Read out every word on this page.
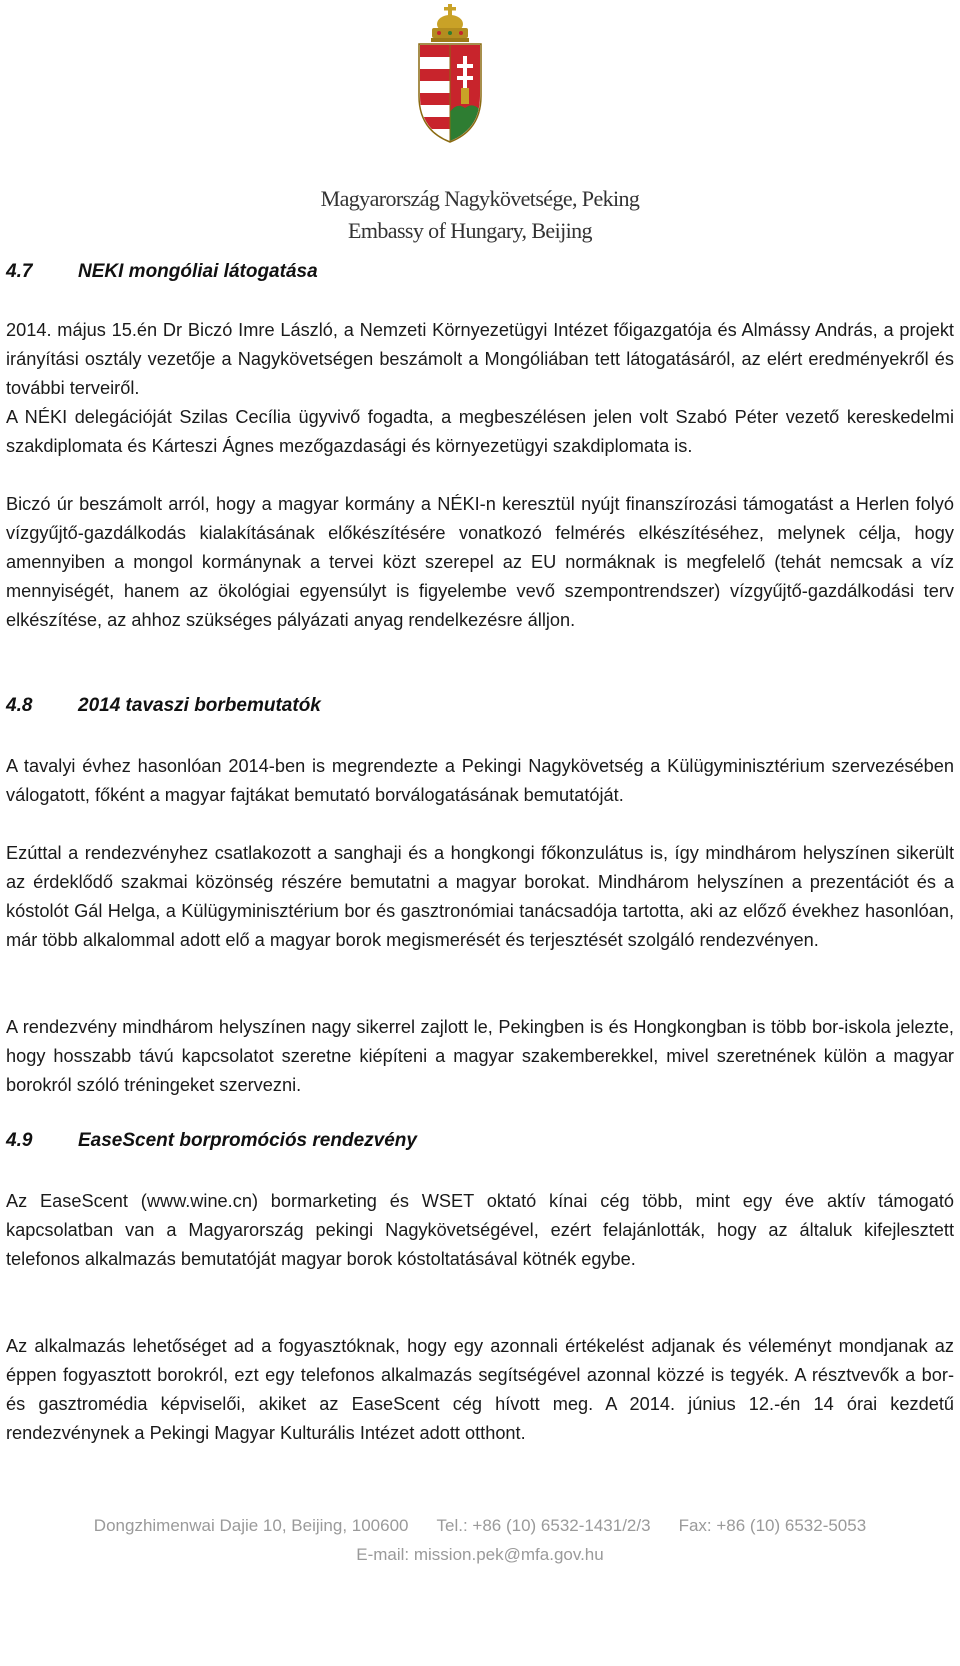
Magyarország Nagykövetsége, Peking
Embassy of Hungary, Beijing
4.7 NEKI mongóliai látogatása
2014. május 15.én Dr Biczó Imre László, a Nemzeti Környezetügyi Intézet főigazgatója és Almássy András, a projekt irányítási osztály vezetője a Nagykövetségen beszámolt a Mongóliában tett látogatásáról, az elért eredményekről és további terveiről.
A NÉKI delegációját Szilas Cecília ügyvivő fogadta, a megbeszélésen jelen volt Szabó Péter vezető kereskedelmi szakdiplomata és Kárteszi Ágnes mezőgazdasági és környezetügyi szakdiplomata is.
Biczó úr beszámolt arról, hogy a magyar kormány a NÉKI-n keresztül nyújt finanszírozási támogatást a Herlen folyó vízgyűjtő-gazdálkodás kialakításának előkészítésére vonatkozó felmérés elkészítéséhez, melynek célja, hogy amennyiben a mongol kormánynak a tervei közt szerepel az EU normáknak is megfelelő (tehát nemcsak a víz mennyiségét, hanem az ökológiai egyensúlyt is figyelembe vevő szempontrendszer) vízgyűjtő-gazdálkodási terv elkészítése, az ahhoz szükséges pályázati anyag rendelkezésre álljon.
4.8 2014 tavaszi borbemutatók
A tavalyi évhez hasonlóan 2014-ben is megrendezte a Pekingi Nagykövetség a Külügyminisztérium szervezésében válogatott, főként a magyar fajtákat bemutató borválogatásának bemutatóját.
Ezúttal a rendezvényhez csatlakozott a sanghaji és a hongkongi főkonzulátus is, így mindhárom helyszínen sikerült az érdeklődő szakmai közönség részére bemutatni a magyar borokat. Mindhárom helyszínen a prezentációt és a kóstolót Gál Helga, a Külügyminisztérium bor és gasztronómiai tanácsadója tartotta, aki az előző évekhez hasonlóan, már több alkalommal adott elő a magyar borok megismerését és terjesztését szolgáló rendezvényen.
A rendezvény mindhárom helyszínen nagy sikerrel zajlott le, Pekingben is és Hongkongban is több bor-iskola jelezte, hogy hosszabb távú kapcsolatot szeretne kiépíteni a magyar szakemberekkel, mivel szeretnének külön a magyar borokról szóló tréningeket szervezni.
4.9 EaseScent borpromóciós rendezvény
Az EaseScent (www.wine.cn) bormarketing és WSET oktató kínai cég több, mint egy éve aktív támogató kapcsolatban van a Magyarország pekingi Nagykövetségével, ezért felajánlották, hogy az általuk kifejlesztett telefonos alkalmazás bemutatóját magyar borok kóstoltatásával kötnék egybe.
Az alkalmazás lehetőséget ad a fogyasztóknak, hogy egy azonnali értékelést adjanak és véleményt mondjanak az éppen fogyasztott borokról, ezt egy telefonos alkalmazás segítségével azonnal közzé is tegyék. A résztvevők a bor- és gasztromédia képviselői, akiket az EaseScent cég hívott meg. A 2014. június 12.-én 14 órai kezdetű rendezvénynek a Pekingi Magyar Kulturális Intézet adott otthont.
Dongzhimenwai Dajie 10, Beijing, 100600 Tel.: +86 (10) 6532-1431/2/3 Fax: +86 (10) 6532-5053
E-mail: mission.pek@mfa.gov.hu
